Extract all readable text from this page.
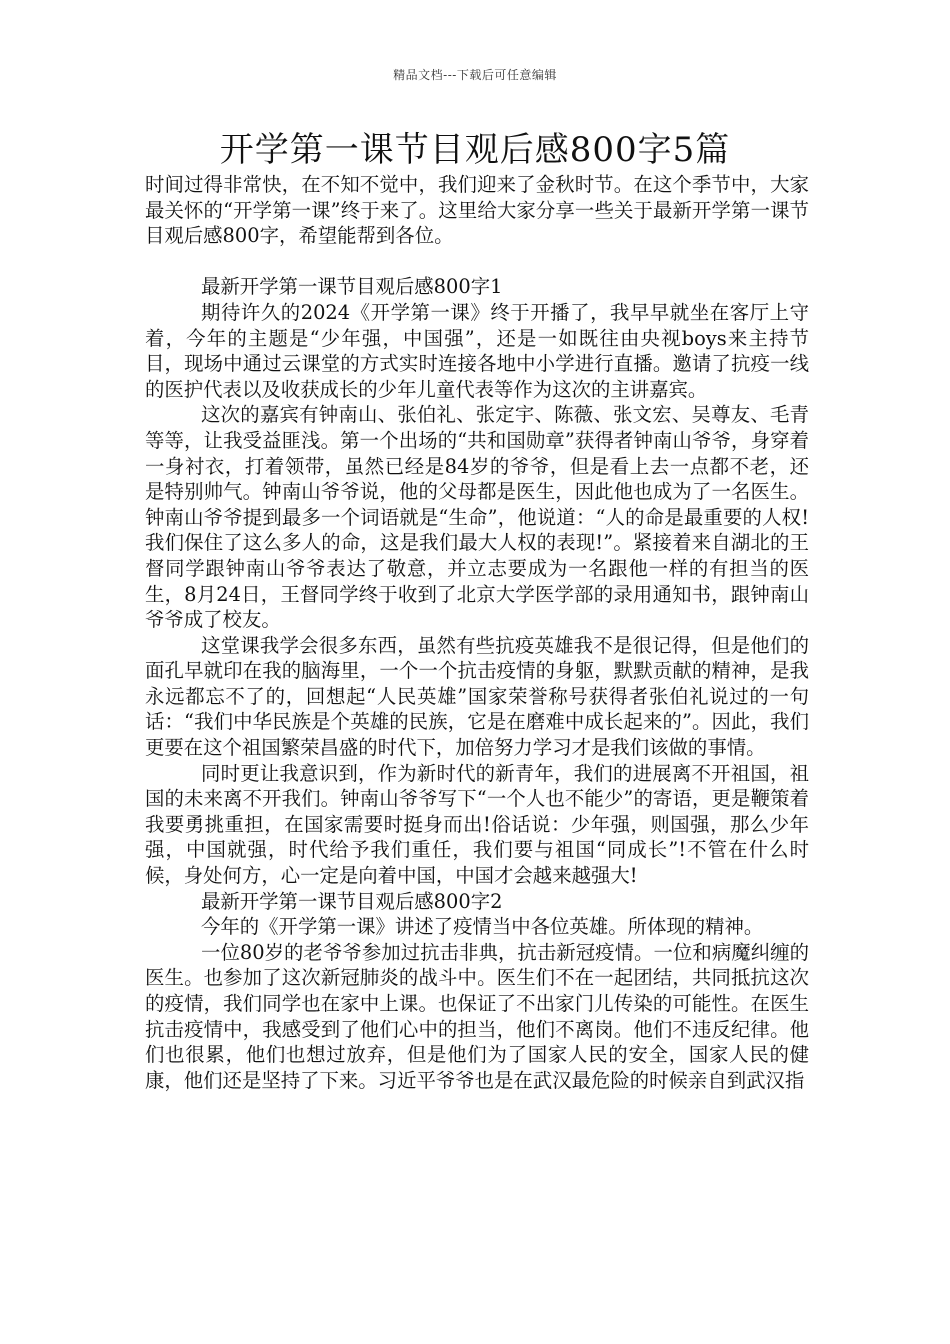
精品文档---下载后可任意编辑
开学第一课节目观后感800字5篇

时间过得非常快，在不知不觉中，我们迎来了金秋时节。在这个季节中，大家最关怀的“开学第一课”终于来了。这里给大家分享一些关于最新开学第一课节目观后感800字，希望能帮到各位。

最新开学第一课节目观后感800字1

期待许久的2024《开学第一课》终于开播了，我早早就坐在客厅上守着，今年的主题是“少年强，中国强”，还是一如既往由央视boys来主持节目，现场中通过云课堂的方式实时连接各地中小学进行直播。邀请了抗疫一线的医护代表以及收获成长的少年儿童代表等作为这次的主讲嘉宾。

这次的嘉宾有钟南山、张伯礼、张定宇、陈薇、张文宏、吴尊友、毛青等等，让我受益匪浅。第一个出场的“共和国勋章”获得者钟南山爷爷，身穿着一身衬衣，打着领带，虽然已经是84岁的爷爷，但是看上去一点都不老，还是特别帅气。钟南山爷爷说，他的父母都是医生，因此他也成为了一名医生。钟南山爷爷提到最多一个词语就是“生命”，他说道：“人的命是最重要的人权!我们保住了这么多人的命，这是我们最大人权的表现!”。紧接着来自湖北的王督同学跟钟南山爷爷表达了敬意，并立志要成为一名跟他一样的有担当的医生，8月24日，王督同学终于收到了北京大学医学部的录用通知书，跟钟南山爷爷成了校友。

这堂课我学会很多东西，虽然有些抗疫英雄我不是很记得，但是他们的面孔早就印在我的脑海里，一个一个抗击疫情的身躯，默默贡献的精神，是我永远都忘不了的，回想起“人民英雄”国家荣誉称号获得者张伯礼说过的一句话：“我们中华民族是个英雄的民族，它是在磨难中成长起来的”。因此，我们更要在这个祖国繁荣昌盛的时代下，加倍努力学习才是我们该做的事情。

同时更让我意识到，作为新时代的新青年，我们的进展离不开祖国，祖国的未来离不开我们。钟南山爷爷写下“一个人也不能少”的寄语，更是鞭策着我要勇挑重担，在国家需要时挺身而出!俗话说：少年强，则国强，那么少年强，中国就强，时代给予我们重任，我们要与祖国“同成长”!不管在什么时候，身处何方，心一定是向着中国，中国才会越来越强大!

最新开学第一课节目观后感800字2

今年的《开学第一课》讲述了疫情当中各位英雄。所体现的精神。

一位80岁的老爷爷参加过抗击非典，抗击新冠疫情。一位和病魔纠缠的医生。也参加了这次新冠肺炎的战斗中。医生们不在一起团结，共同抵抗这次的疫情，我们同学也在家中上课。也保证了不出家门儿传染的可能性。在医生抗击疫情中，我感受到了他们心中的担当，他们不离岗。他们不违反纪律。他们也很累，他们也想过放弃，但是他们为了国家人民的安全，国家人民的健康，他们还是坚持了下来。习近平爷爷也是在武汉最危险的时候亲自到武汉指
